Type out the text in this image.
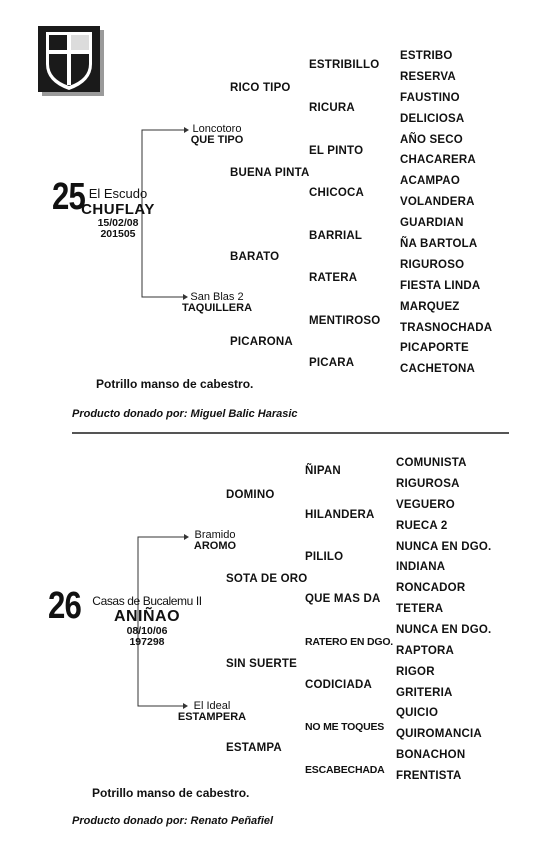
25 El Escudo
CHUFLAY
15/02/08
201505
Loncotoro
QUE TIPO
San Blas 2
TAQUILLERA
RICO TIPO
BUENA PINTA
BARATO
PICARONA
ESTRIBILLO
RICURA
EL PINTO
CHICOCA
BARRIAL
RATERA
MENTIROSO
PICARA
ESTRIBO
RESERVA
FAUSTINO
DELICIOSA
AÑO SECO
CHACARERA
ACAMPAO
VOLANDERA
GUARDIAN
ÑA BARTOLA
RIGUROSO
FIESTA LINDA
MARQUEZ
TRASNOCHADA
PICAPORTE
CACHETONA
Potrillo manso de cabestro.
Producto donado por: Miguel Balic Harasic
26 Casas de Bucalemu II
ANIÑAO
08/10/06
197298
Bramido
AROMO
El Ideal
ESTAMPERA
DOMINO
SOTA DE ORO
SIN SUERTE
ESTAMPA
ÑIPAN
HILANDERA
PILILO
QUE MAS DA
RATERO EN DGO.
CODICIADA
NO ME TOQUES
ESCABECHADA
COMUNISTA
RIGUROSA
VEGUERO
RUECA 2
NUNCA EN DGO.
INDIANA
RONCADOR
TETERA
NUNCA EN DGO.
RAPTORA
RIGOR
GRITERIA
QUICIO
QUIROMANCIA
BONACHON
FRENTISTA
Potrillo manso de cabestro.
Producto donado por: Renato Peñafiel
